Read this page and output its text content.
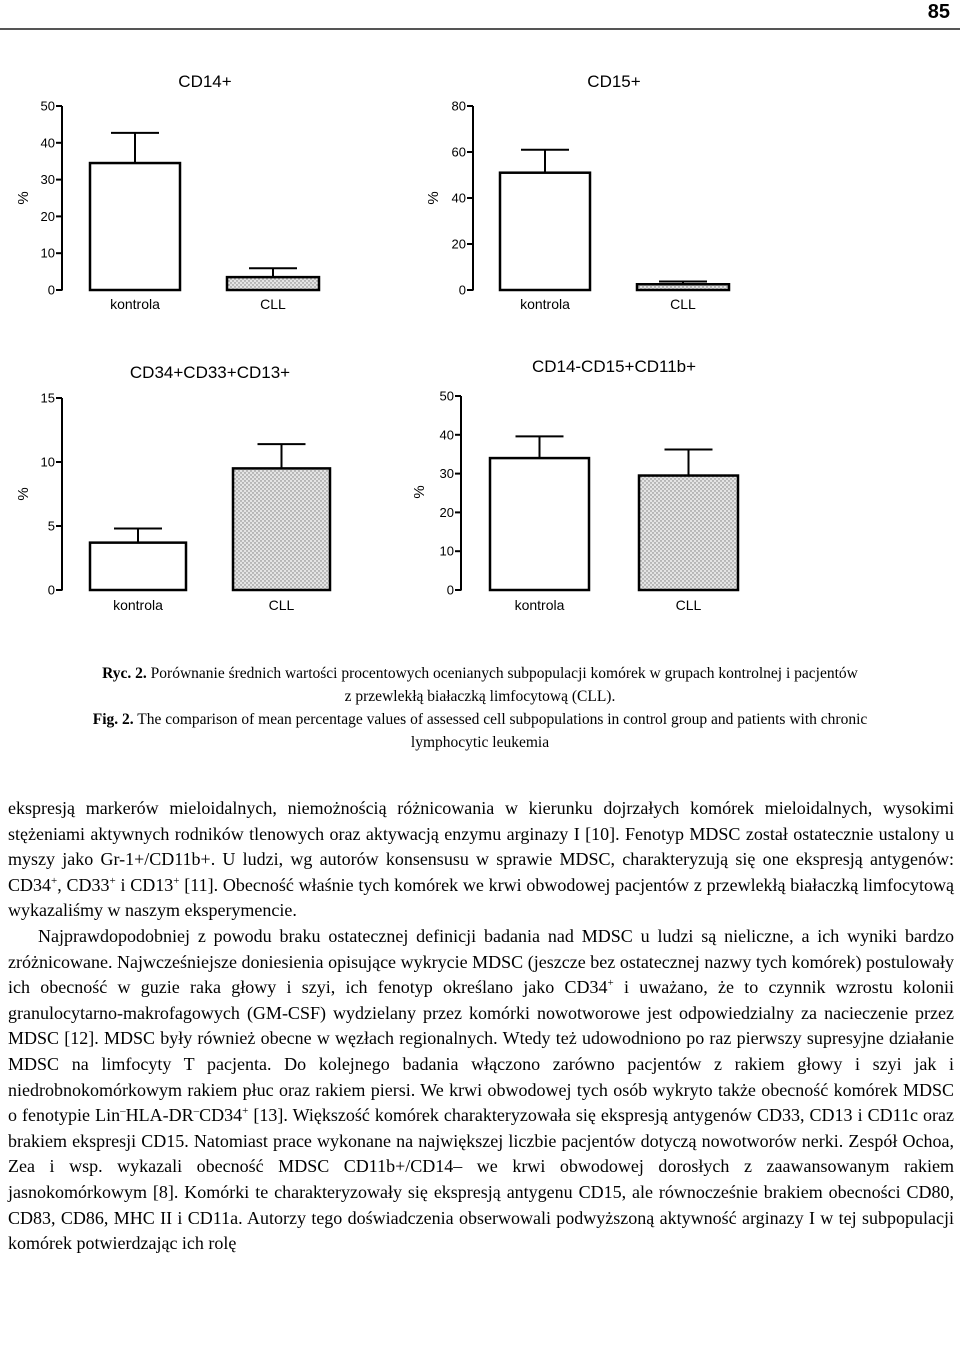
85
0
10
20
30
40
50
CD14+
%
kontrola	CLL
0
20
40
60
80
CD15+
%
kontrola	CLL
0
5
10
15
CD34+CD33+CD13+
%
kontrola	CLL
0
10
20
30
40
50
CD14-CD15+CD11b+
%
kontrola	CLL
Ryc. 2. Porównanie średnich wartości procentowych ocenianych subpopulacji komórek w grupach kontrolnej i pacjentów
z przewlekłą białaczką limfocytową (CLL).
Fig. 2. The comparison of mean percentage values of assessed cell subpopulations in control group and patients with chronic
lymphocytic leukemia

ekspresją markerów mieloidalnych, niemożnością różnicowania w kierunku dojrzałych komórek mieloidalnych, wysokimi stężeniami aktywnych rodników tlenowych oraz aktywacją enzymu arginazy I [10]. Fenotyp MDSC został ostatecznie ustalony u myszy jako Gr-1+/CD11b+. U ludzi, wg autorów konsensusu w sprawie MDSC, charakteryzują się one ekspresją antygenów: CD34+, CD33+ i CD13+ [11]. Obecność właśnie tych komórek we krwi obwodowej pacjentów z przewlekłą białaczką limfocytową wykazaliśmy w naszym eksperymencie.

Najprawdopodobniej z powodu braku ostatecznej definicji badania nad MDSC u ludzi są nieliczne, a ich wyniki bardzo zróżnicowane. Najwcześniejsze doniesienia opisujące wykrycie MDSC (jeszcze bez ostatecznej nazwy tych komórek) postulowały ich obecność w guzie raka głowy i szyi, ich fenotyp określano jako CD34+ i uważano, że to czynnik wzrostu kolonii granulocytarno-makrofagowych (GM-CSF) wydzielany przez komórki nowotworowe jest odpowiedzialny za nacieczenie przez MDSC [12]. MDSC były również obecne w węzłach regionalnych. Wtedy też udowodniono po raz pierwszy supresyjne działanie MDSC na limfocyty T pacjenta. Do kolejnego badania włączono zarówno pacjentów z rakiem głowy i szyi jak i niedrobnokomórkowym rakiem płuc oraz rakiem piersi. We krwi obwodowej tych osób wykryto także obecność komórek MDSC o fenotypie Lin–HLA-DR–CD34+ [13]. Większość komórek charakteryzowała się ekspresją antygenów CD33, CD13 i CD11c oraz brakiem ekspresji CD15. Natomiast prace wykonane na największej liczbie pacjentów dotyczą nowotworów nerki. Zespół Ochoa, Zea i wsp. wykazali obecność MDSC CD11b+/CD14– we krwi obwodowej dorosłych z zaawansowanym rakiem jasnokomórkowym [8]. Komórki te charakteryzowały się ekspresją antygenu CD15, ale równocześnie brakiem obecności CD80, CD83, CD86, MHC II i CD11a. Autorzy tego doświadczenia obserwowali podwyższoną aktywność arginazy I w tej subpopulacji komórek potwierdzając ich rolę
